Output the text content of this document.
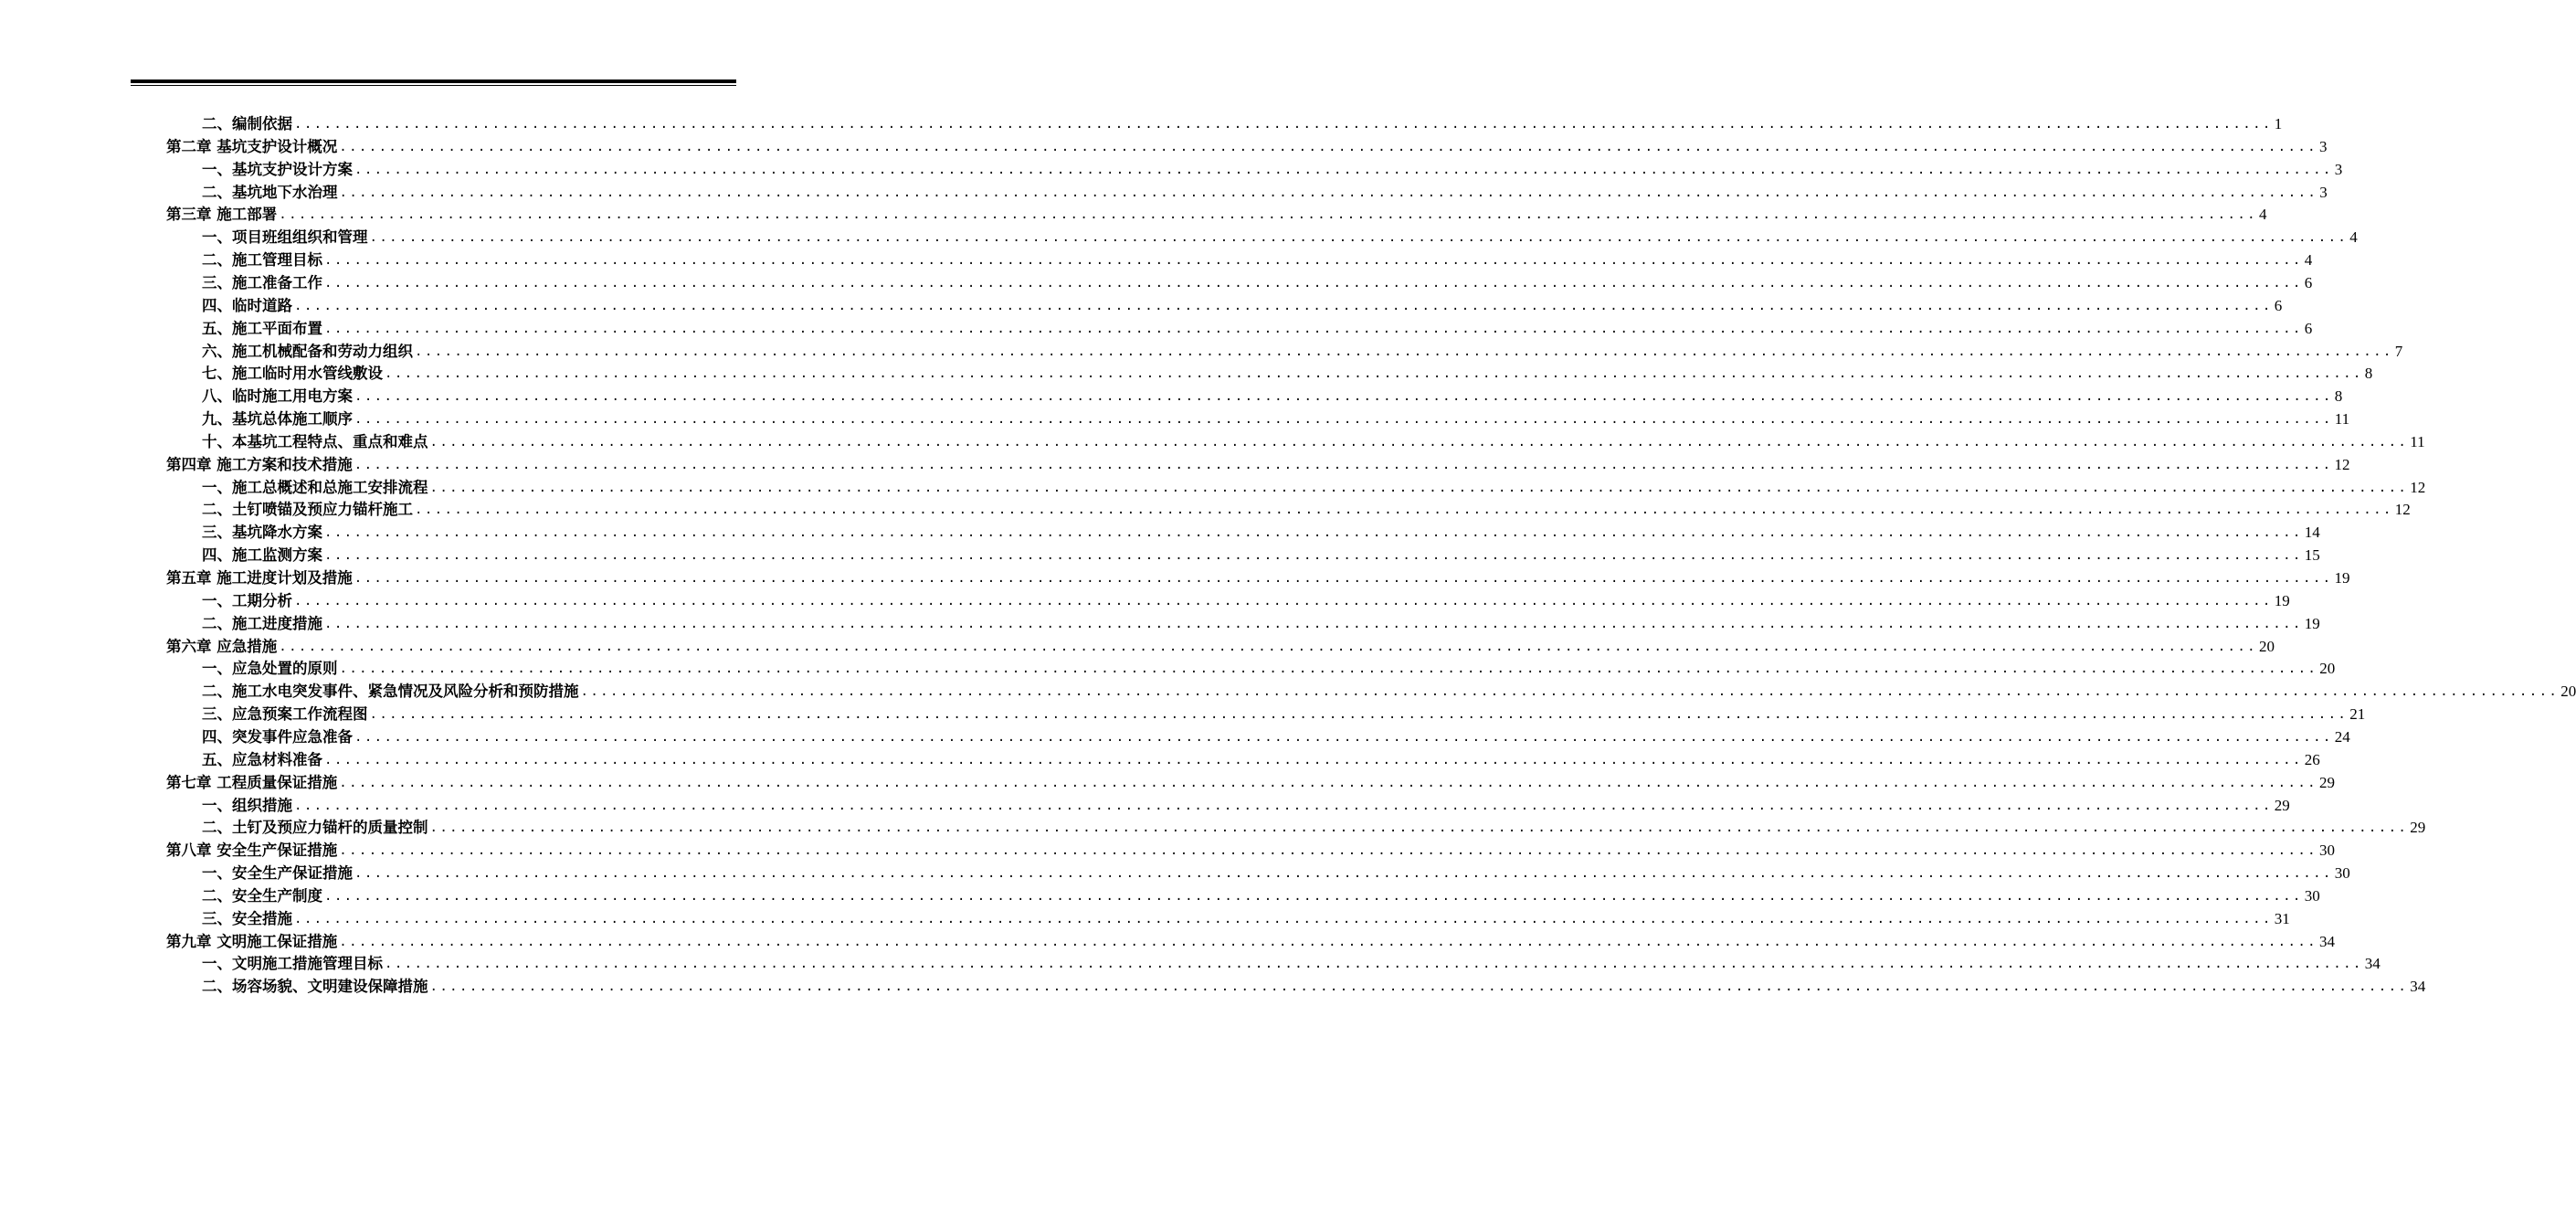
二、编制依据 ........................................................................................................................................................................................................ 1
第二章 基坑支护设计概况 ........................................................................................................................................................................................................ 3
一、基坑支护设计方案 ........................................................................................................................................................................................................ 3
二、基坑地下水治理 ........................................................................................................................................................................................................ 3
第三章 施工部署 ........................................................................................................................................................................................................ 4
一、项目班组组织和管理 ........................................................................................................................................................................................................ 4
二、施工管理目标 ........................................................................................................................................................................................................ 4
三、施工准备工作 ........................................................................................................................................................................................................ 6
四、临时道路 ........................................................................................................................................................................................................ 6
五、施工平面布置 ........................................................................................................................................................................................................ 6
六、施工机械配备和劳动力组织 ........................................................................................................................................................................................................ 7
七、施工临时用水管线敷设 ........................................................................................................................................................................................................ 8
八、临时施工用电方案 ........................................................................................................................................................................................................ 8
九、基坑总体施工顺序 ........................................................................................................................................................................................................ 11
十、本基坑工程特点、重点和难点 ........................................................................................................................................................................................................ 11
第四章 施工方案和技术措施 ........................................................................................................................................................................................................ 12
一、施工总概述和总施工安排流程 ........................................................................................................................................................................................................ 12
二、土钉喷锚及预应力锚杆施工 ........................................................................................................................................................................................................ 12
三、基坑降水方案 ........................................................................................................................................................................................................ 14
四、施工监测方案 ........................................................................................................................................................................................................ 15
第五章 施工进度计划及措施 ........................................................................................................................................................................................................ 19
一、工期分析 ........................................................................................................................................................................................................ 19
二、施工进度措施 ........................................................................................................................................................................................................ 19
第六章 应急措施 ........................................................................................................................................................................................................ 20
一、应急处置的原则 ........................................................................................................................................................................................................ 20
二、施工水电突发事件、紧急情况及风险分析和预防措施 ........................................................................................................................................................................................................ 20
三、应急预案工作流程图 ........................................................................................................................................................................................................ 21
四、突发事件应急准备 ........................................................................................................................................................................................................ 24
五、应急材料准备 ........................................................................................................................................................................................................ 26
第七章 工程质量保证措施 ........................................................................................................................................................................................................ 29
一、组织措施 ........................................................................................................................................................................................................ 29
二、土钉及预应力锚杆的质量控制 ........................................................................................................................................................................................................ 29
第八章 安全生产保证措施 ........................................................................................................................................................................................................ 30
一、安全生产保证措施 ........................................................................................................................................................................................................ 30
二、安全生产制度 ........................................................................................................................................................................................................ 30
三、安全措施 ........................................................................................................................................................................................................ 31
第九章 文明施工保证措施 ........................................................................................................................................................................................................ 34
一、文明施工措施管理目标 ........................................................................................................................................................................................................ 34
二、场容场貌、文明建设保障措施 ........................................................................................................................................................................................................ 34
